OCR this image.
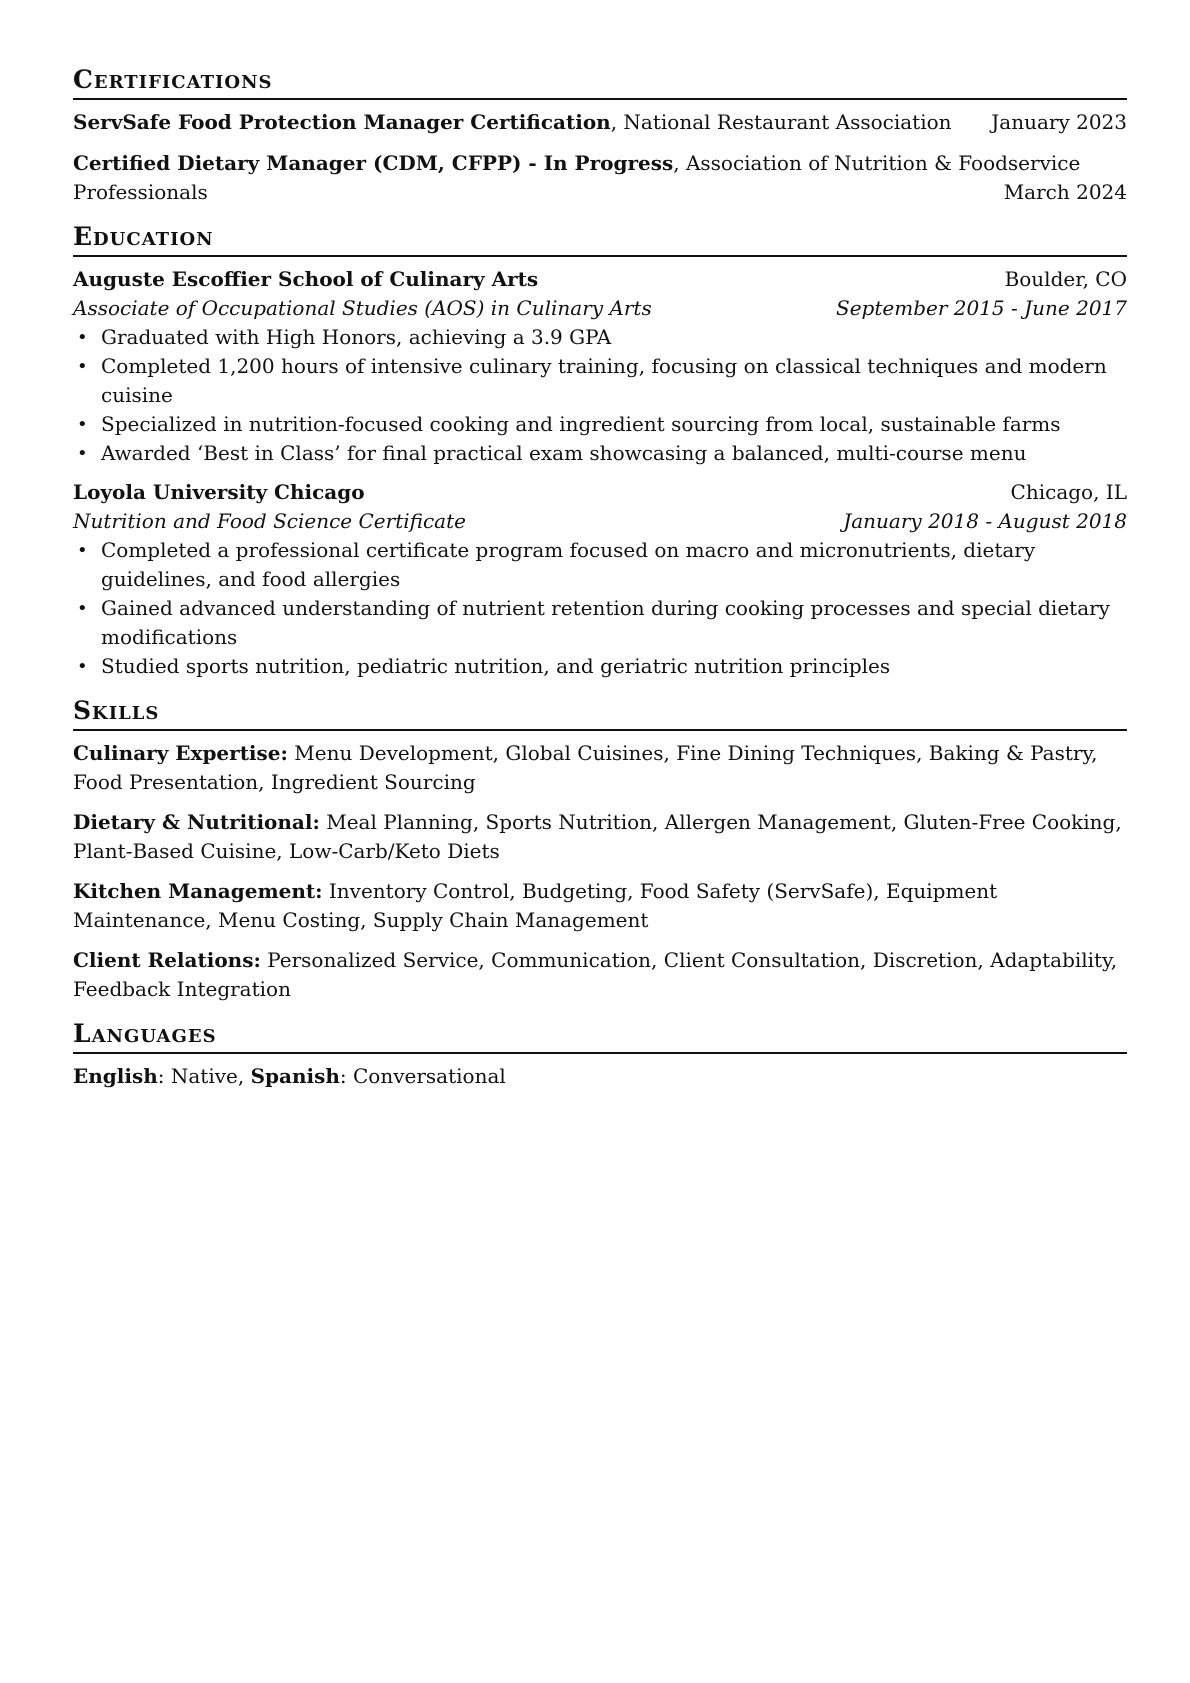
Certifications
ServSafe Food Protection Manager Certification, National Restaurant Association January 2023
Certified Dietary Manager (CDM, CFPP) - In Progress, Association of Nutrition & Foodservice
Professionals	March 2024
Education
Auguste Escoffier School of Culinary Arts	Boulder, CO
Associate of Occupational Studies (AOS) in Culinary Arts	September 2015 - June 2017
• Graduated with High Honors, achieving a 3.9 GPA
• Completed 1,200 hours of intensive culinary training, focusing on classical techniques and modern cuisine
• Specialized in nutrition-focused cooking and ingredient sourcing from local, sustainable farms
• Awarded ‘Best in Class’ for final practical exam showcasing a balanced, multi-course menu
Loyola University Chicago	Chicago, IL
Nutrition and Food Science Certificate	January 2018 - August 2018
• Completed a professional certificate program focused on macro and micronutrients, dietary guidelines, and food allergies
• Gained advanced understanding of nutrient retention during cooking processes and special dietary modifications
• Studied sports nutrition, pediatric nutrition, and geriatric nutrition principles
Skills
Culinary Expertise: Menu Development, Global Cuisines, Fine Dining Techniques, Baking & Pastry, Food Presentation, Ingredient Sourcing
Dietary & Nutritional: Meal Planning, Sports Nutrition, Allergen Management, Gluten-Free Cooking, Plant-Based Cuisine, Low-Carb/Keto Diets
Kitchen Management: Inventory Control, Budgeting, Food Safety (ServSafe), Equipment Maintenance, Menu Costing, Supply Chain Management
Client Relations: Personalized Service, Communication, Client Consultation, Discretion, Adaptability, Feedback Integration
Languages
English: Native, Spanish: Conversational
